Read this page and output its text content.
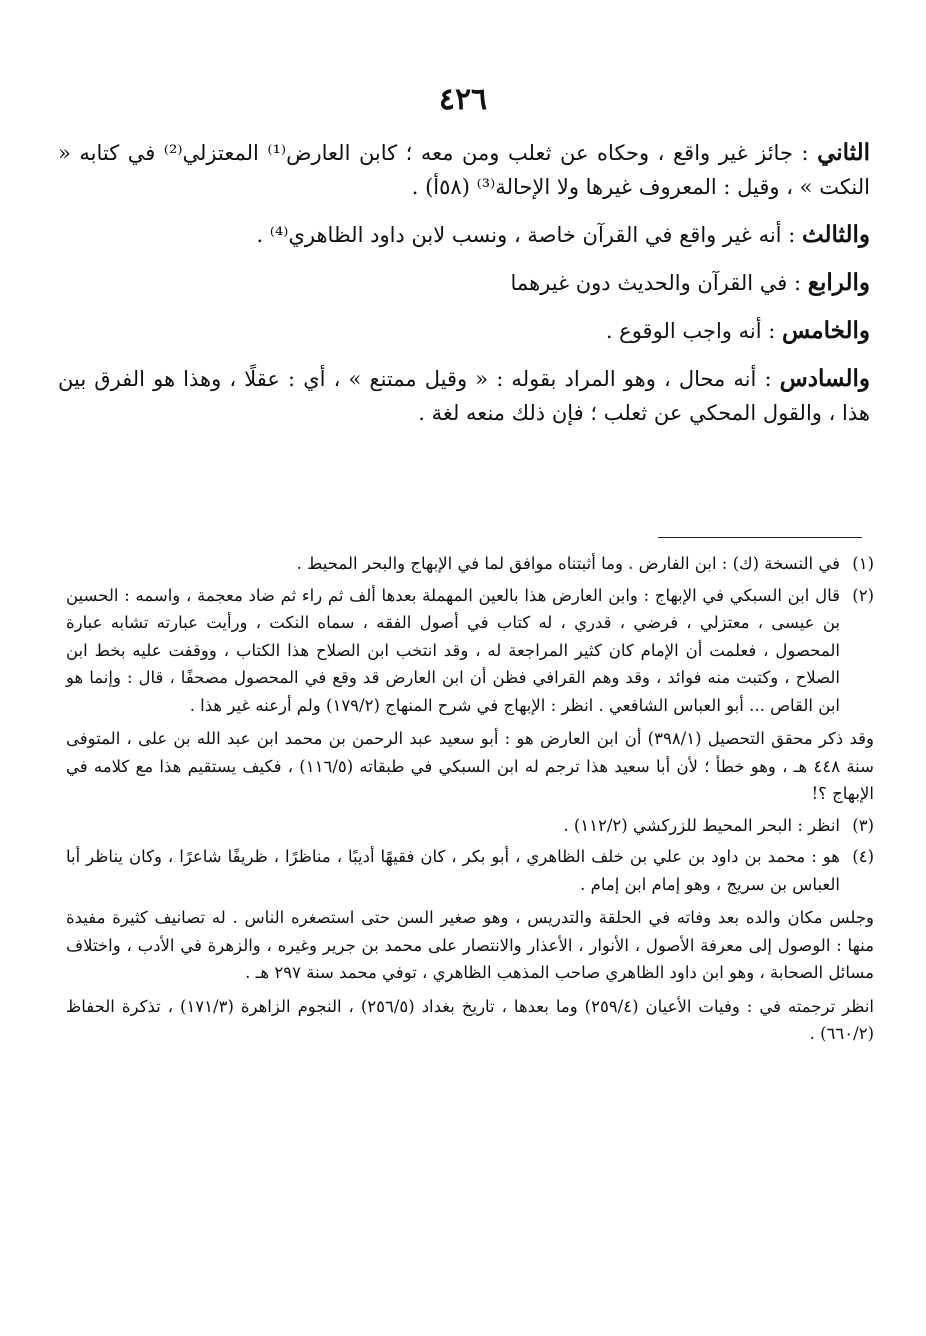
٤٢٦

الثاني : جائز غير واقع ، وحكاه عن ثعلب ومن معه ؛ كابن العارض⁽¹⁾ المعتزلي⁽²⁾ في كتابه « النكت » ، وقيل : المعروف غيرها ولا الإحالة⁽³⁾ (٥٨أ) .

والثالث : أنه غير واقع في القرآن خاصة ، ونسب لابن داود الظاهري⁽⁴⁾ .

والرابع : في القرآن والحديث دون غيرهما

والخامس : أنه واجب الوقوع .

والسادس : أنه محال ، وهو المراد بقوله : « وقيل ممتنع » ، أي : عقلًا ، وهذا هو الفرق بين هذا ، والقول المحكي عن ثعلب ؛ فإن ذلك منعه لغة .

(١)
في النسخة (ك) : ابن الفارض . وما أثبتناه موافق لما في الإبهاج والبحر المحيط .

(٢)
قال ابن السبكي في الإبهاج : وابن العارض هذا بالعين المهملة بعدها ألف ثم راء ثم ضاد معجمة ، واسمه : الحسين بن عيسى ، معتزلي ، فرضي ، قدري ، له كتاب في أصول الفقه ، سماه النكت ، ورأيت عبارته تشابه عبارة المحصول ، فعلمت أن الإمام كان كثير المراجعة له ، وقد انتخب ابن الصلاح هذا الكتاب ، ووقفت عليه بخط ابن الصلاح ، وكتبت منه فوائد ، وقد وهم القرافي فظن أن ابن العارض قد وقع في المحصول مصحفًا ، قال : وإنما هو ابن القاص ... أبو العباس الشافعي . انظر : الإبهاج في شرح المنهاج (١٧٩/٢) ولم أرعنه غير هذا .

وقد ذكر محقق التحصيل (٣٩٨/١) أن ابن العارض هو : أبو سعيد عبد الرحمن بن محمد ابن عبد الله بن على ، المتوفى سنة ٤٤٨ هـ ، وهو خطأ ؛ لأن أبا سعيد هذا ترجم له ابن السبكي في طبقاته (١١٦/٥) ، فكيف يستقيم هذا مع كلامه في الإبهاج ؟!

(٣)
انظر : البحر المحيط للزركشي (١١٢/٢) .

(٤)
هو : محمد بن داود بن علي بن خلف الظاهري ، أبو بكر ، كان فقيهًا أديبًا ، مناظرًا ، ظريفًا شاعرًا ، وكان يناظر أبا العباس بن سريج ، وهو إمام ابن إمام .

وجلس مكان والده بعد وفاته في الحلقة والتدريس ، وهو صغير السن حتى استصغره الناس . له تصانيف كثيرة مفيدة منها : الوصول إلى معرفة الأصول ، الأنوار ، الأعذار والانتصار على محمد بن جرير وغيره ، والزهرة في الأدب ، واختلاف مسائل الصحابة ، وهو ابن داود الظاهري صاحب المذهب الظاهري ، توفي محمد سنة ٢٩٧ هـ .

انظر ترجمته في : وفيات الأعيان (٢٥٩/٤) وما بعدها ، تاريخ بغداد (٢٥٦/٥) ، النجوم الزاهرة (١٧١/٣) ، تذكرة الحفاظ (٦٦٠/٢) .
